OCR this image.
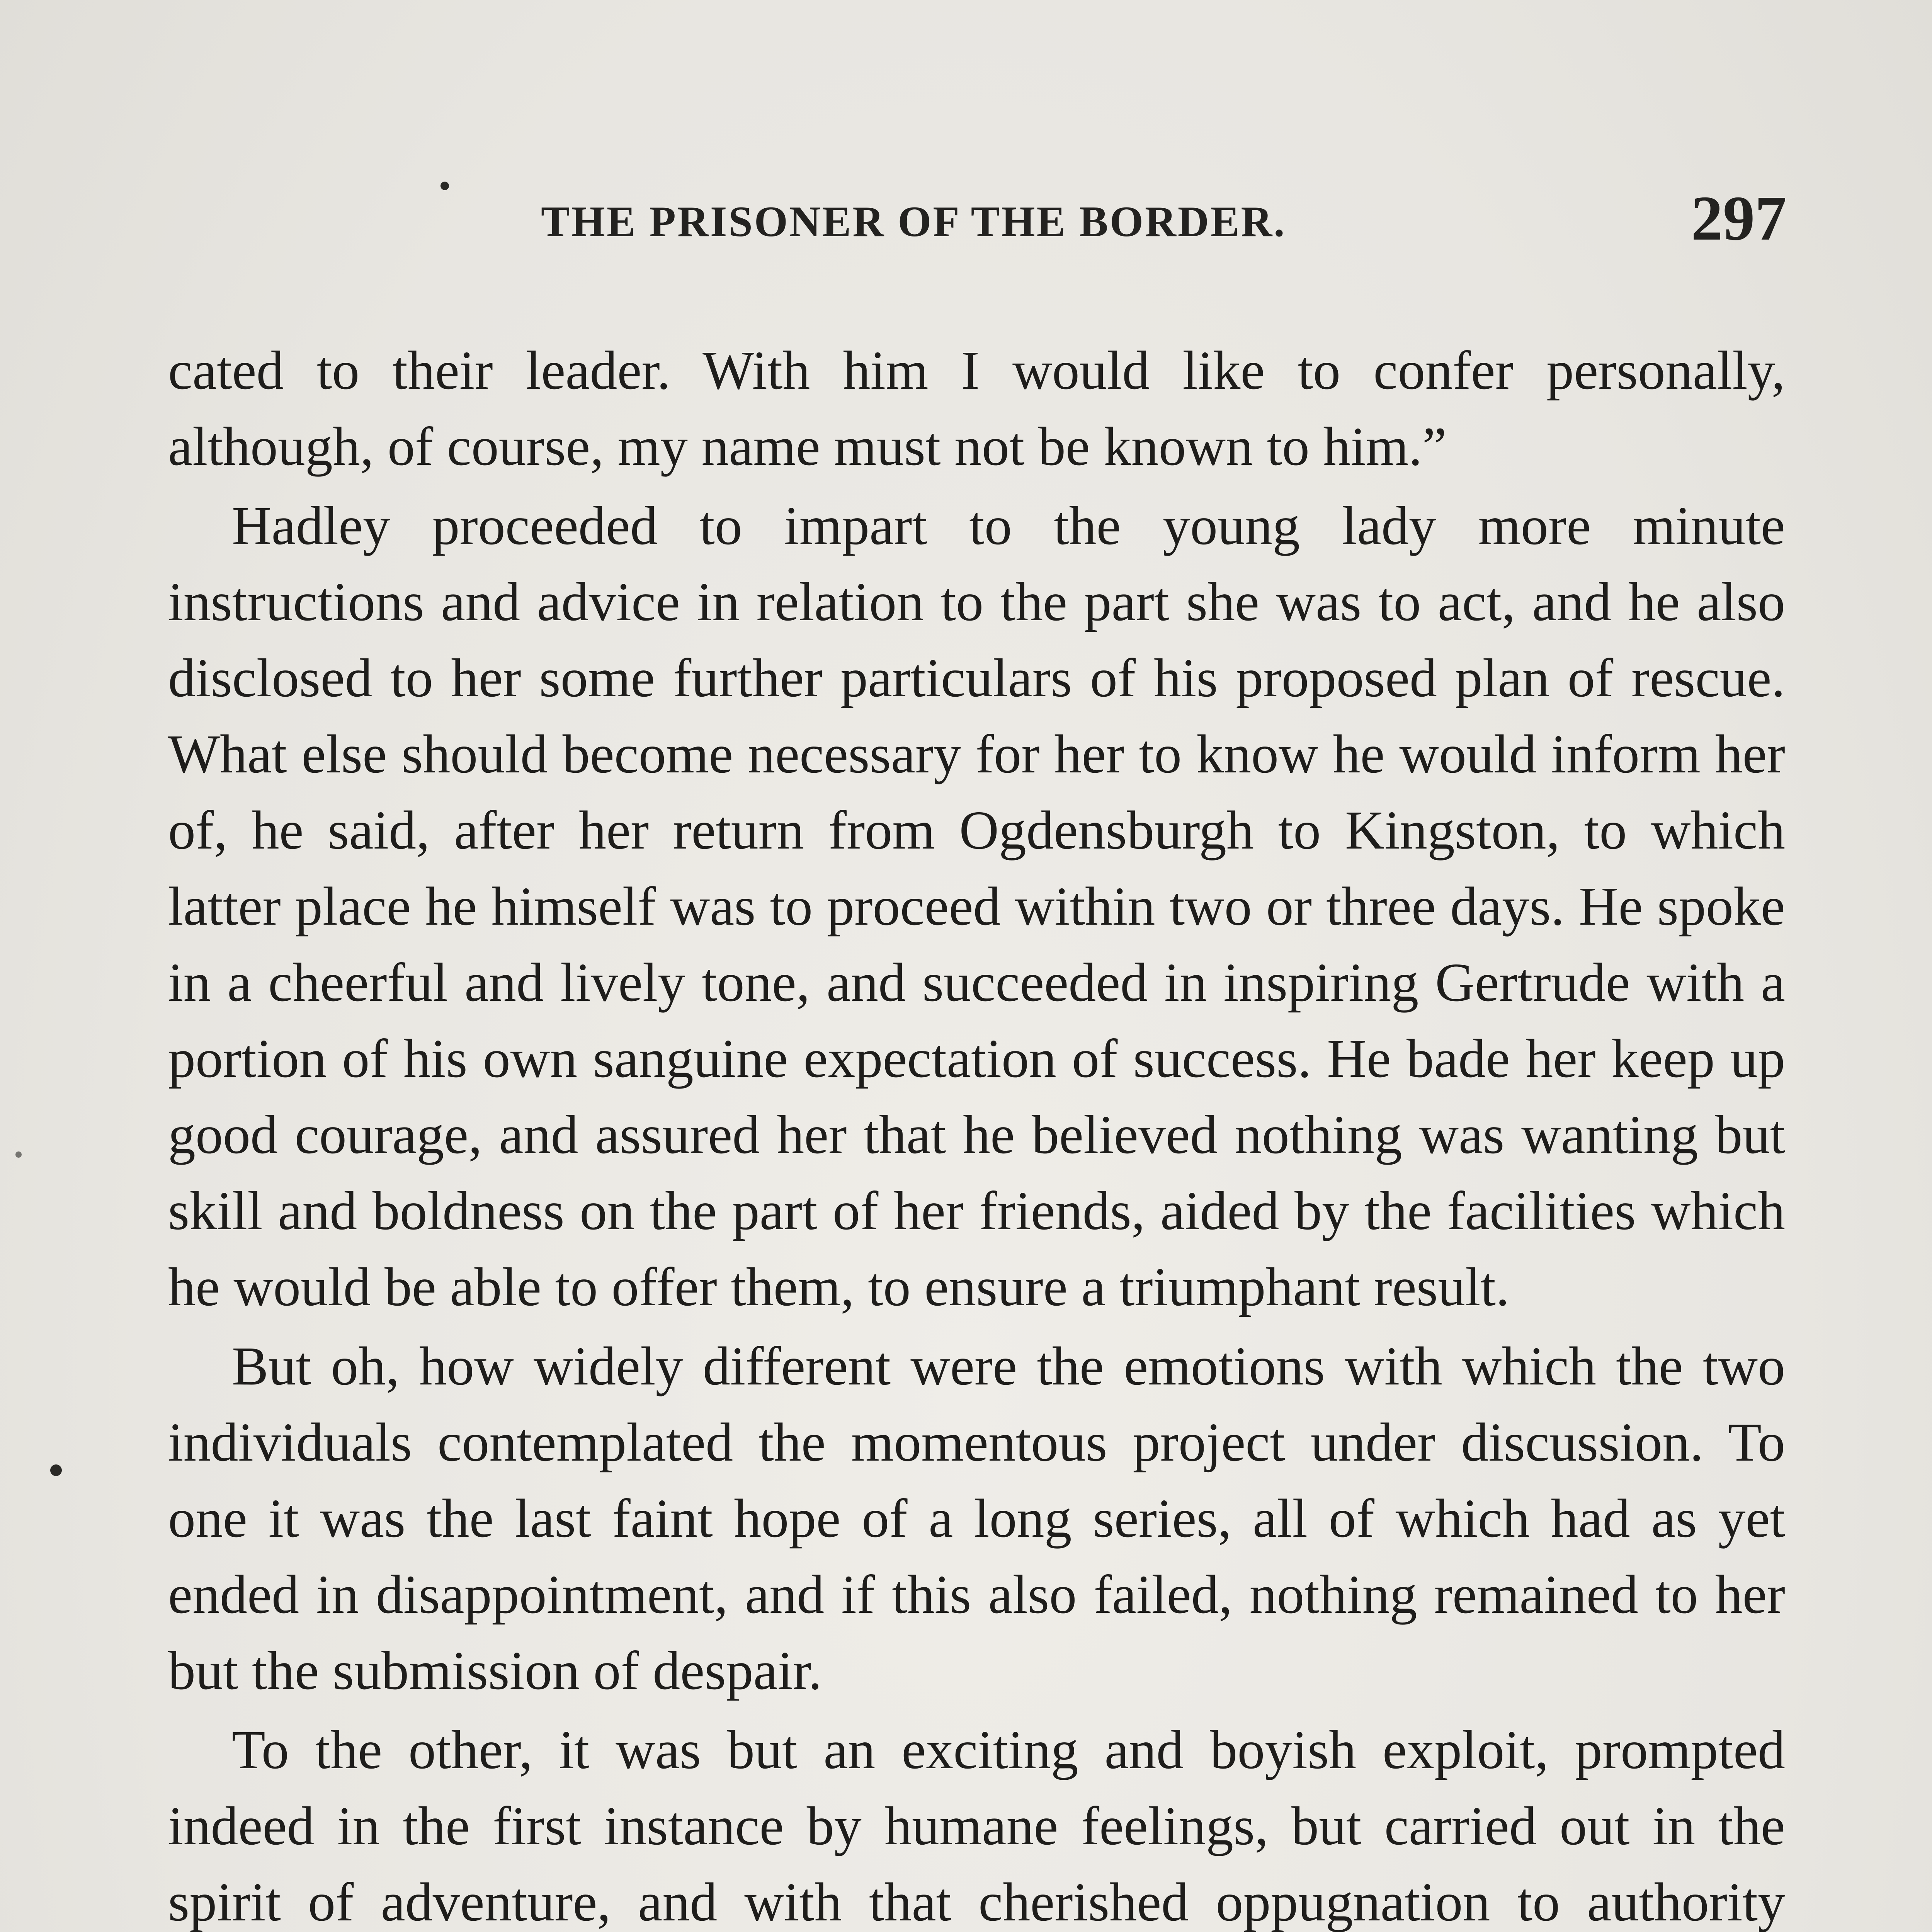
THE PRISONER OF THE BORDER.	297

cated to their leader. With him I would like to confer personally, although, of course, my name must not be known to him.”

Hadley proceeded to impart to the young lady more minute instructions and advice in relation to the part she was to act, and he also disclosed to her some further particulars of his proposed plan of rescue. What else should become necessary for her to know he would inform her of, he said, after her return from Ogdensburgh to Kingston, to which latter place he himself was to proceed within two or three days. He spoke in a cheerful and lively tone, and succeeded in inspiring Gertrude with a portion of his own sanguine expectation of success. He bade her keep up good courage, and assured her that he believed nothing was wanting but skill and boldness on the part of her friends, aided by the facilities which he would be able to offer them, to ensure a triumphant result.

But oh, how widely different were the emotions with which the two individuals contemplated the momentous project under discussion. To one it was the last faint hope of a long series, all of which had as yet ended in disappointment, and if this also failed, nothing remained to her but the submission of despair.

To the other, it was but an exciting and boyish exploit, prompted indeed in the first instance by humane feelings, but carried out in the spirit of adventure, and with that cherished oppugnation to authority
